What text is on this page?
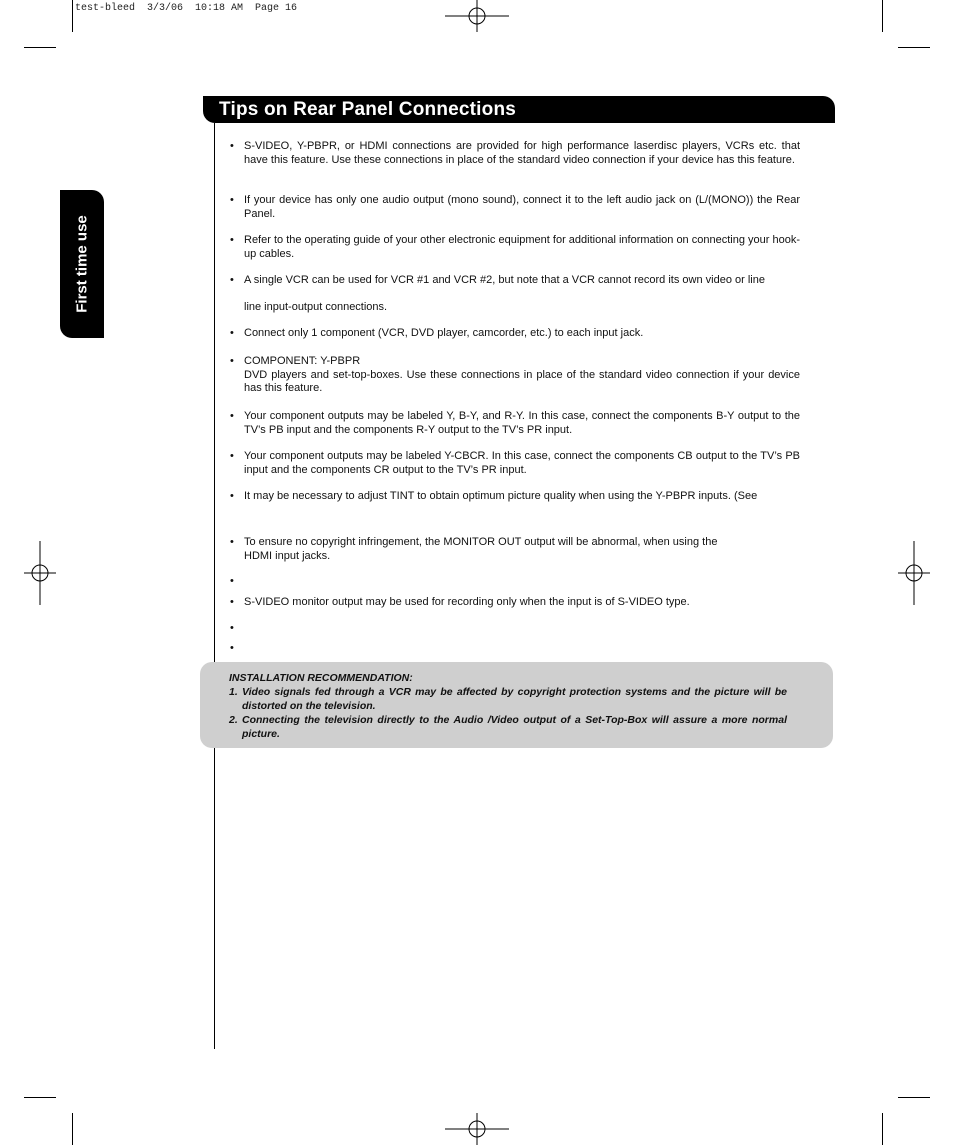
test-bleed  3/3/06  10:18 AM  Page 16
Tips on Rear Panel Connections
First time use
• S-VIDEO, Y-PBPR, or HDMI connections are provided for high performance laserdisc players, VCRs etc. that have this feature. Use these connections in place of the standard video connection if your device has this feature.
• If your device has only one audio output (mono sound), connect it to the left audio jack on (L/(MONO)) the Rear Panel.
• Refer to the operating guide of your other electronic equipment for additional information on connecting your hook-up cables.
• A single VCR can be used for VCR #1 and VCR #2, but note that a VCR cannot record its own video or line
line input-output connections.
• Connect only 1 component (VCR, DVD player, camcorder, etc.) to each input jack.
• COMPONENT: Y-PBPR
DVD players and set-top-boxes. Use these connections in place of the standard video connection if your device has this feature.
• Your component outputs may be labeled Y, B-Y, and R-Y. In this case, connect the components B-Y output to the TV’s PB input and the components R-Y output to the TV’s PR input.
• Your component outputs may be labeled Y-CBCR. In this case, connect the components CB output to the TV’s PB input and the components CR output to the TV’s PR input.
• It may be necessary to adjust TINT to obtain optimum picture quality when using the Y-PBPR inputs. (See
• To ensure no copyright infringement, the MONITOR OUT output will be abnormal, when using the
HDMI input jacks.
•
• S-VIDEO monitor output may be used for recording only when the input is of S-VIDEO type.
•
•
INSTALLATION RECOMMENDATION:
1. Video signals fed through a VCR may be affected by copyright protection systems and the picture will be distorted on the television.
2. Connecting the television directly to the Audio /Video output of a Set-Top-Box will assure a more normal picture.
